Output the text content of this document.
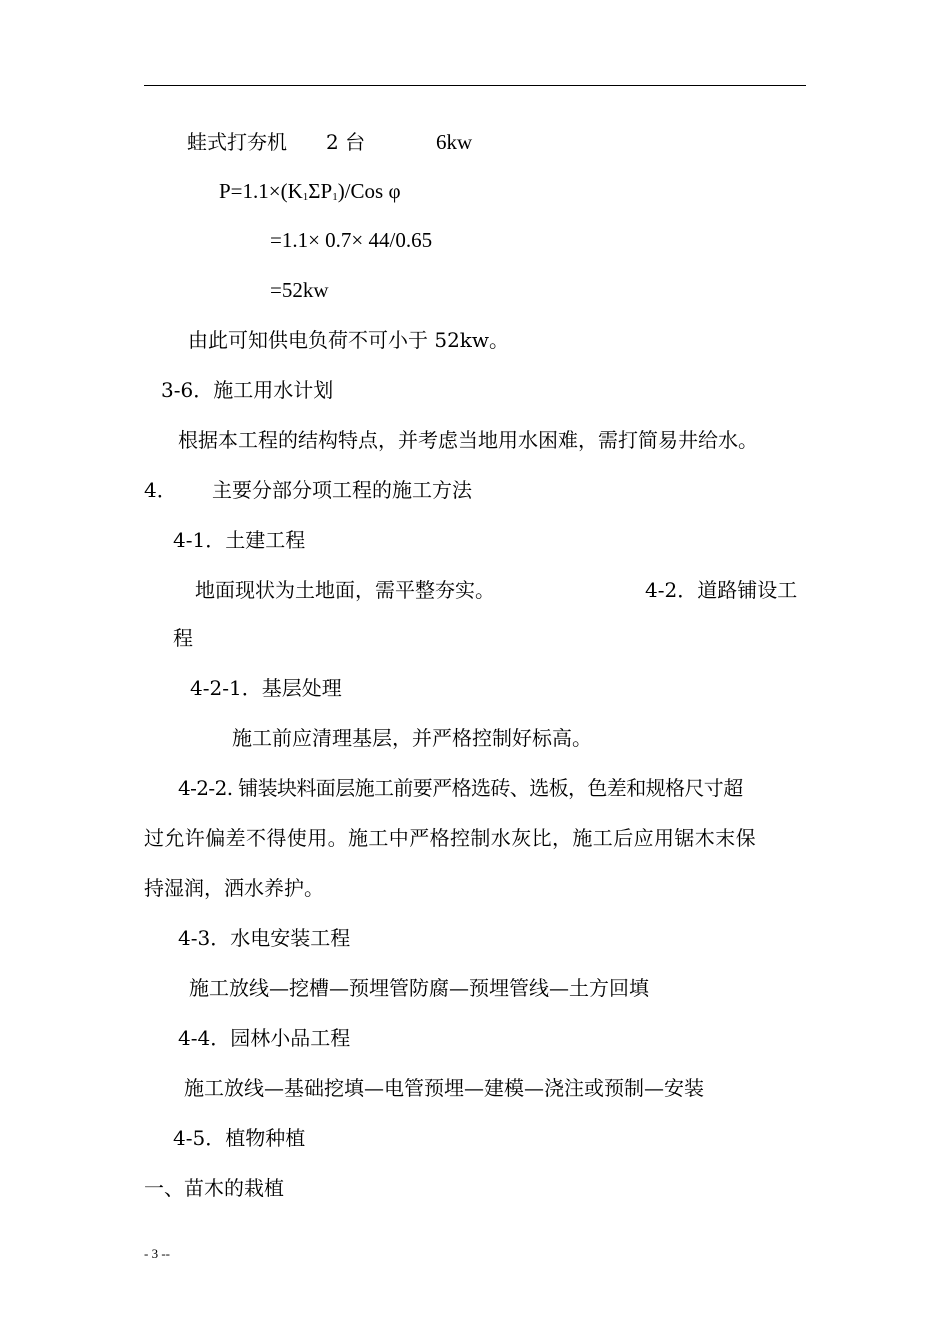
蛙式打夯机 2 台	6kw
$P=1.1\times(K_1\Sigma P_1)$/Cos φ
=1.1× 0.7× 44/0.65
=52kw
由此可知供电负荷不可小于 52kw。
3-6．施工用水计划
根据本工程的结构特点，并考虑当地用水困难，需打简易井给水。
4． 主要分部分项工程的施工方法
4-1．土建工程
地面现状为土地面，需平整夯实。	4-2．道路铺设工
程
4-2-1．基层处理
施工前应清理基层，并严格控制好标高。
4-2-2. 铺装块料面层施工前要严格选砖、选板，色差和规格尺寸超
过允许偏差不得使用。施工中严格控制水灰比，施工后应用锯木末保
持湿润，洒水养护。
4-3．水电安装工程
施工放线—挖槽—预埋管防腐—预埋管线—土方回填
4-4．园林小品工程
施工放线—基础挖填—电管预埋—建模—浇注或预制—安装
4-5．植物种植
一、苗木的栽植
- 3 --
